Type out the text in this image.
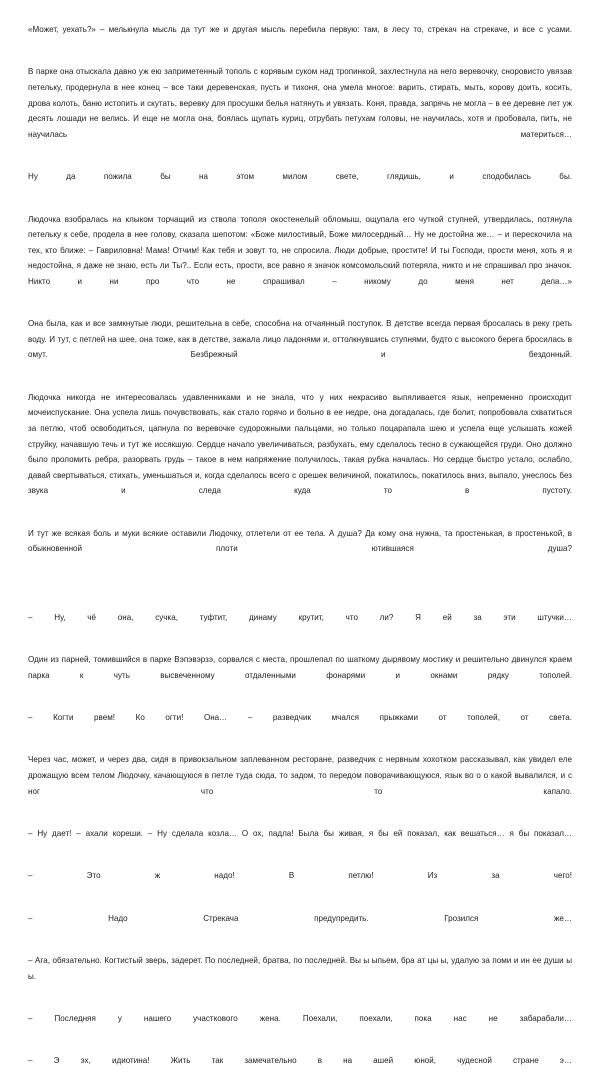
«Может, уехать?» – мелькнула мысль да тут же и другая мысль перебила первую: там, в лесу то, стрекач на стрекаче, и все с усами.

В парке она отыскала давно уж ею заприметенный тополь с корявым суком над тропинкой, захлестнула на него веревочку, сноровисто увязав петельку, продернула в нее конец – все таки деревенская, пусть и тихоня, она умела многое: варить, стирать, мыть, корову доить, косить, дрова колоть, баню истопить и скутать, веревку для просушки белья натянуть и увязать. Коня, правда, запрячь не могла – в ее деревне лет уж десять лошади не велись. И еще не могла она, боялась щупать куриц, отрубать петухам головы, не научилась, хотя и пробовала, пить, не научилась материться…

Ну да пожила бы на этом милом свете, глядишь, и сподобилась бы.

Людочка взобралась на клыком торчащий из ствола тополя окостенелый обломыш, ощупала его чуткой ступней, утвердилась, потянула петельку к себе, продела в нее голову, сказала шепотом: «Боже милостивый, Боже милосердный… Ну не достойна же… – и перескочила на тех, кто ближе: – Гавриловна! Мама! Отчим! Как тебя и зовут то, не спросила. Люди добрые, простите! И ты Господи, прости меня, хоть я и недостойна, я даже не знаю, есть ли Ты?.. Если есть, прости, все равно я значок комсомольский потеряла, никто и не спрашивал про значок. Никто и ни про что не спрашивал – никому до меня нет дела…»

Она была, как и все замкнутые люди, решительна в себе, способна на отчаянный поступок. В детстве всегда первая бросалась в реку греть воду. И тут, с петлей на шее, она тоже, как в детстве, зажала лицо ладонями и, оттолкнувшись ступнями, будто с высокого берега бросилась в омут. Безбрежный и бездонный.

Людочка никогда не интересовалась удавленниками и не знала, что у них некрасиво выпяливается язык, непременно происходит мочеиспускание. Она успела лишь почувствовать, как стало горячо и больно в ее недре, она догадалась, где болит, попробовала схватиться за петлю, чтоб освободиться, цапнула по веревочке судорожными пальцами, но только поцарапала шею и успела еще услышать кожей струйку, начавшую течь и тут же иссякшую. Сердце начало увеличиваться, разбухать, ему сделалось тесно в сужающейся груди. Оно должно было проломить ребра, разорвать грудь – такое в нем напряжение получилось, такая рубка началась. Но сердце быстро устало, ослабло, давай свертываться, стихать, уменьшаться и, когда сделалось всего с орешек величиной, покатилось, покатилось вниз, выпало, унеслось без звука и следа куда то в пустоту.

И тут же всякая боль и муки всякие оставили Людочку, отлетели от ее тела. А душа? Да кому она нужна, та простенькая, в простенькой, в обыкновенной плоти ютившаяся душа?

– Ну, чё она, сучка, туфтит, динаму крутит, что ли? Я ей за эти штучки…

Один из парней, томившийся в парке Вэпэвэрзэ, сорвался с места, прошлепал по шаткому дырявому мостику и решительно двинулся краем парка к чуть высвеченному отдаленными фонарями и окнами рядку тополей.

– Когти рвем! Ко огти! Она… – разведчик мчался прыжками от тополей, от света.

Через час, может, и через два, сидя в привокзальном заплеванном ресторане, разведчик с нервным хохотком рассказывал, как увидел еле дрожащую всем телом Людочку, качающуюся в петле туда сюда, то задом, то передом поворачивающуюся, язык во о о какой вывалился, и с ног что то капало.

– Ну дает! – ахали кореши. – Ну сделала козла… О ох, падла! Была бы живая, я бы ей показал, как вешаться… я бы показал…

– Это ж надо! В петлю! Из за чего!

– Надо Стрекача предупредить. Грозился же…

– Ага, обязательно. Когтистый зверь, задерет. По последней, братва, по последней. Вы ы ыпьем, бра ат цы ы, удалую за поми и ин ее души ы ы.

– Последняя у нашего участкового жена. Поехали, поехали, пока нас не забарабали…

– Э эх, идиотина! Жить так замечательно в на ашей юной, чудесной стране э…
